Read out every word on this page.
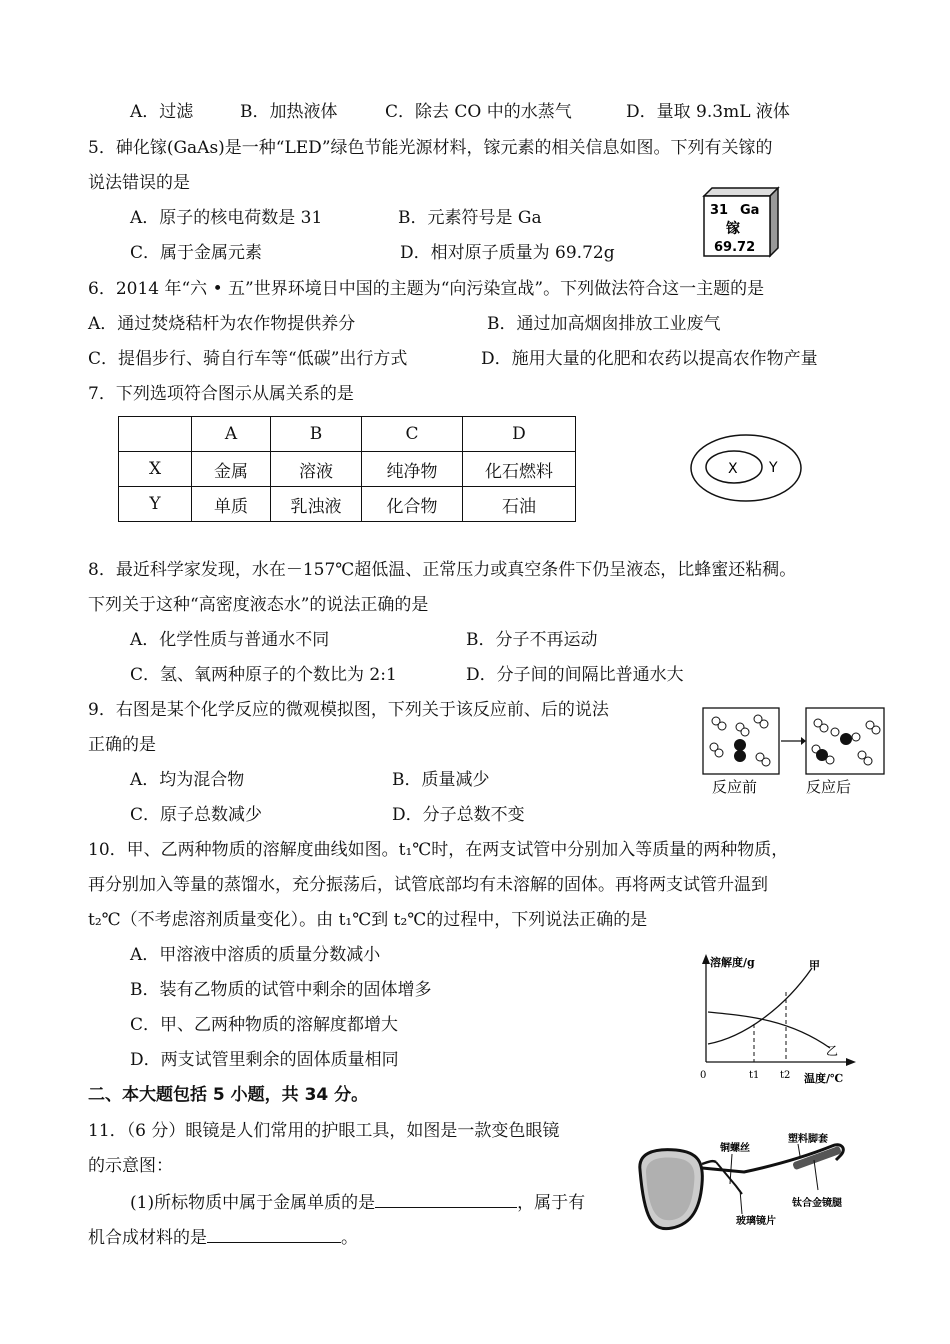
A．过滤	B．加热液体	C．除去 CO 中的水蒸气	D．量取 9.3mL 液体
5．砷化镓(GaAs)是一种“LED”绿色节能光源材料，镓元素的相关信息如图。下列有关镓的
说法错误的是
A．原子的核电荷数是 31	B．元素符号是 Ga
C．属于金属元素	D．相对原子质量为 69.72g
31 Ga
镓
69.72
6．2014 年“六 • 五”世界环境日中国的主题为“向污染宣战”。下列做法符合这一主题的是
A．通过焚烧秸杆为农作物提供养分	B．通过加高烟囱排放工业废气
C．提倡步行、骑自行车等“低碳”出行方式	D．施用大量的化肥和农药以提高农作物产量
7．下列选项符合图示从属关系的是
	A	B	C	D
X	金属	溶液	纯净物	化石燃料
Y	单质	乳浊液	化合物	石油
X Y
8．最近科学家发现，水在－157℃超低温、正常压力或真空条件下仍呈液态，比蜂蜜还粘稠。
下列关于这种“高密度液态水”的说法正确的是
A．化学性质与普通水不同	B．分子不再运动
C．氢、氧两种原子的个数比为 2:1	D．分子间的间隔比普通水大
9．右图是某个化学反应的微观模拟图，下列关于该反应前、后的说法
正确的是
A．均为混合物	B．质量减少
C．原子总数减少	D．分子总数不变
反应前	反应后
10．甲、乙两种物质的溶解度曲线如图。t₁℃时，在两支试管中分别加入等质量的两种物质，
再分别加入等量的蒸馏水，充分振荡后，试管底部均有未溶解的固体。再将两支试管升温到
t₂℃（不考虑溶剂质量变化）。由 t₁℃到 t₂℃的过程中，下列说法正确的是
A．甲溶液中溶质的质量分数减小
B．装有乙物质的试管中剩余的固体增多
C．甲、乙两种物质的溶解度都增大
D．两支试管里剩余的固体质量相同
溶解度/g	甲
乙
0	t1 t2 温度/℃
二、本大题包括 5 小题，共 34 分。
11．（6 分）眼镜是人们常用的护眼工具，如图是一款变色眼镜
的示意图：
(1)所标物质中属于金属单质的是	，属于有
机合成材料的是	。
铜螺丝
塑料脚套
钛合金镜腿
玻璃镜片
